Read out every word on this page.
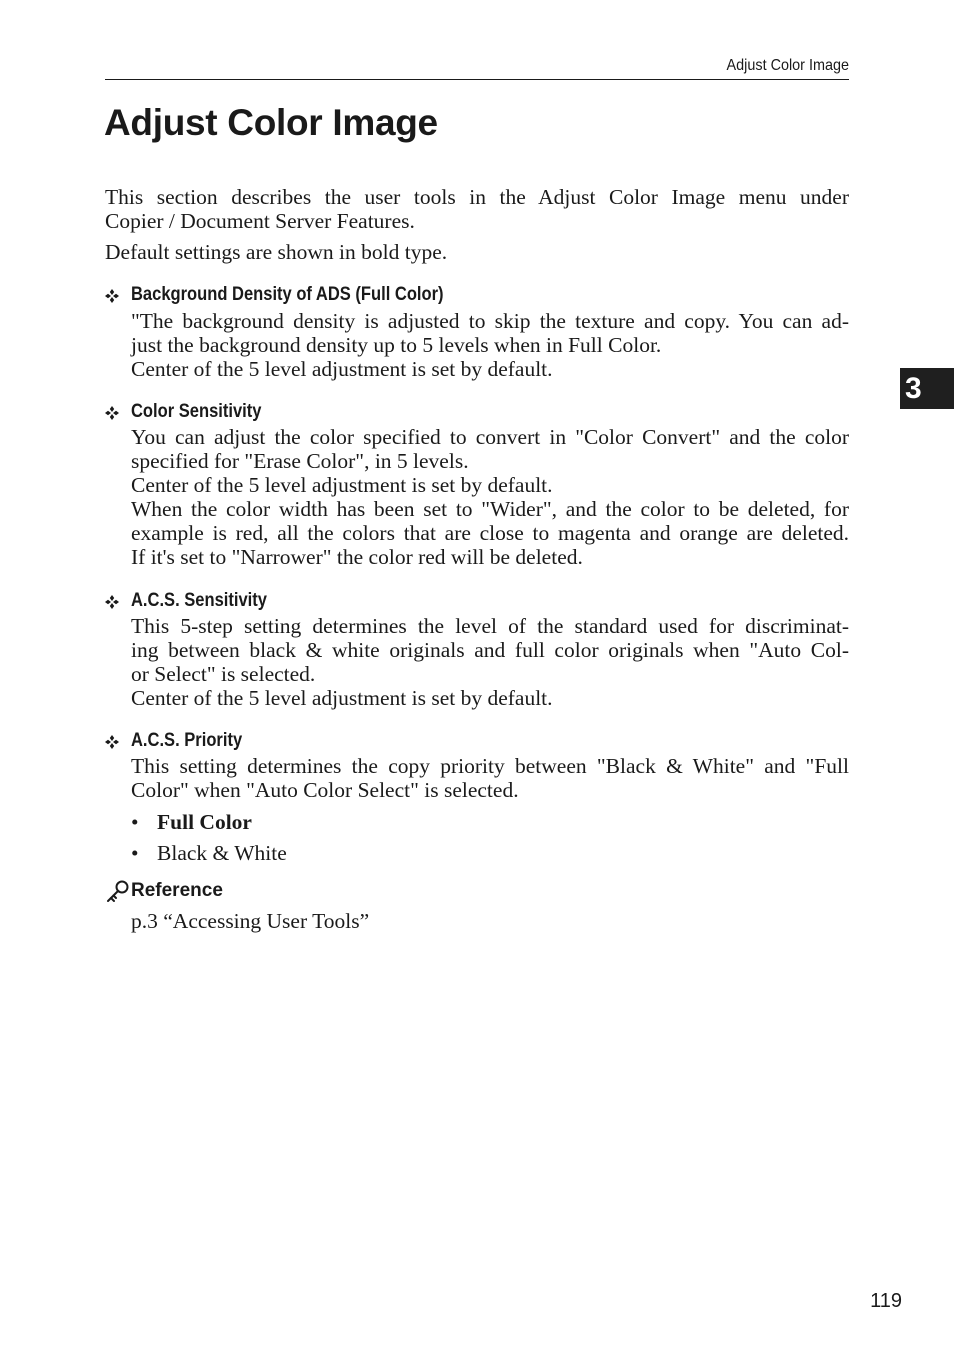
Adjust Color Image
Adjust Color Image
This section describes the user tools in the Adjust Color Image menu under
Copier / Document Server Features.
Default settings are shown in bold type.
Background Density of ADS (Full Color)

"The background density is adjusted to skip the texture and copy. You can ad-

just the background density up to 5 levels when in Full Color.

Center of the 5 level adjustment is set by default.

Color Sensitivity

You can adjust the color specified to convert in "Color Convert" and the color

specified for "Erase Color", in 5 levels.

Center of the 5 level adjustment is set by default.

When the color width has been set to "Wider", and the color to be deleted, for

example is red, all the colors that are close to magenta and orange are deleted.

If it's set to "Narrower" the color red will be deleted.

A.C.S. Sensitivity

This 5-step setting determines the level of the standard used for discriminat-

ing between black & white originals and full color originals when "Auto Col-

or Select" is selected.

Center of the 5 level adjustment is set by default.

A.C.S. Priority

This setting determines the copy priority between "Black & White" and "Full

Color" when "Auto Color Select" is selected.

• Full Color
• Black & White
Reference
p.3 “Accessing User Tools”
3
119
